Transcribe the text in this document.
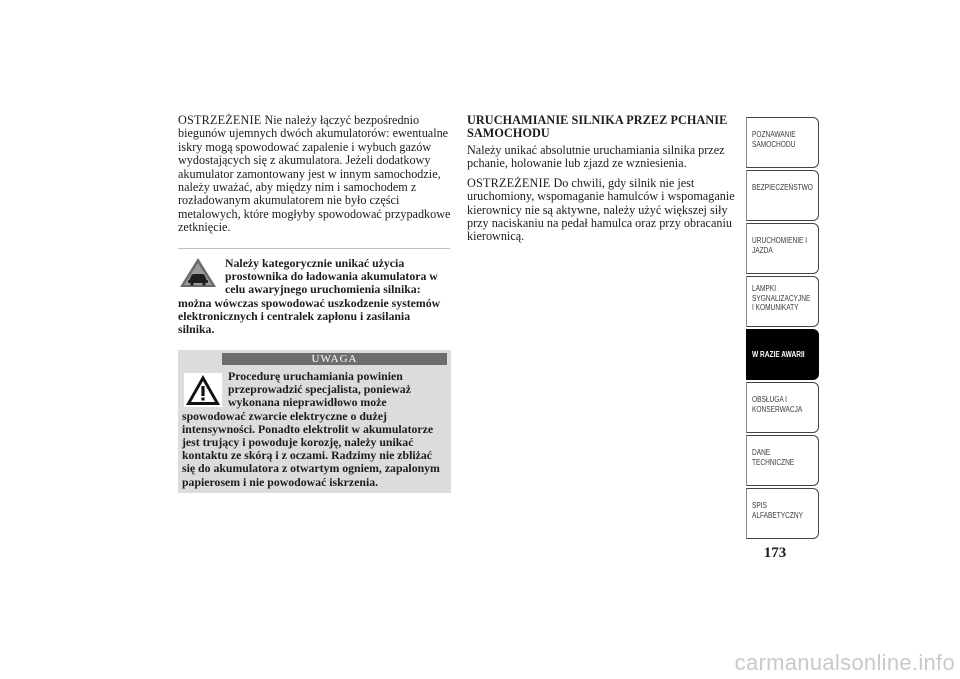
OSTRZEŻENIE Nie należy łączyć bezpośrednio biegunów ujemnych dwóch akumulatorów: ewentualne iskry mogą spowodować zapalenie i wybuch gazów wydostających się z akumulatora. Jeżeli dodatkowy akumulator zamontowany jest w innym samochodzie, należy uważać, aby między nim i samochodem z rozładowanym akumulatorem nie było części metalowych, które mogłyby spowodować przypadkowe zetknięcie.

Należy kategorycznie unikać użycia prostownika do ładowania akumulatora w celu awaryjnego uruchomienia silnika: można wówczas spowodować uszkodzenie systemów elektronicznych i centralek zapłonu i zasilania silnika.

UWAGA

Procedurę uruchamiania powinien przeprowadzić specjalista, ponieważ wykonana nieprawidłowo może spowodować zwarcie elektryczne o dużej intensywności. Ponadto elektrolit w akumulatorze jest trujący i powoduje korozję, należy unikać kontaktu ze skórą i z oczami. Radzimy nie zbliżać się do akumulatora z otwartym ogniem, zapalonym papierosem i nie powodować iskrzenia.

URUCHAMIANIE SILNIKA PRZEZ PCHANIE SAMOCHODU

Należy unikać absolutnie uruchamiania silnika przez pchanie, holowanie lub zjazd ze wzniesienia.

OSTRZEŻENIE Do chwili, gdy silnik nie jest uruchomiony, wspomaganie hamulców i wspomaganie kierownicy nie są aktywne, należy użyć większej siły przy naciskaniu na pedał hamulca oraz przy obracaniu kierownicą.

POZNAWANIE
SAMOCHODU
BEZPIECZEŃSTWO
URUCHOMIENIE I
JAZDA
LAMPKI
SYGNALIZACYJNE
I KOMUNIKATY
W RAZIE AWARII
OBSŁUGA I
KONSERWACJA
DANE
TECHNICZNE
SPIS
ALFABETYCZNY
173
carmanualsonline.info
